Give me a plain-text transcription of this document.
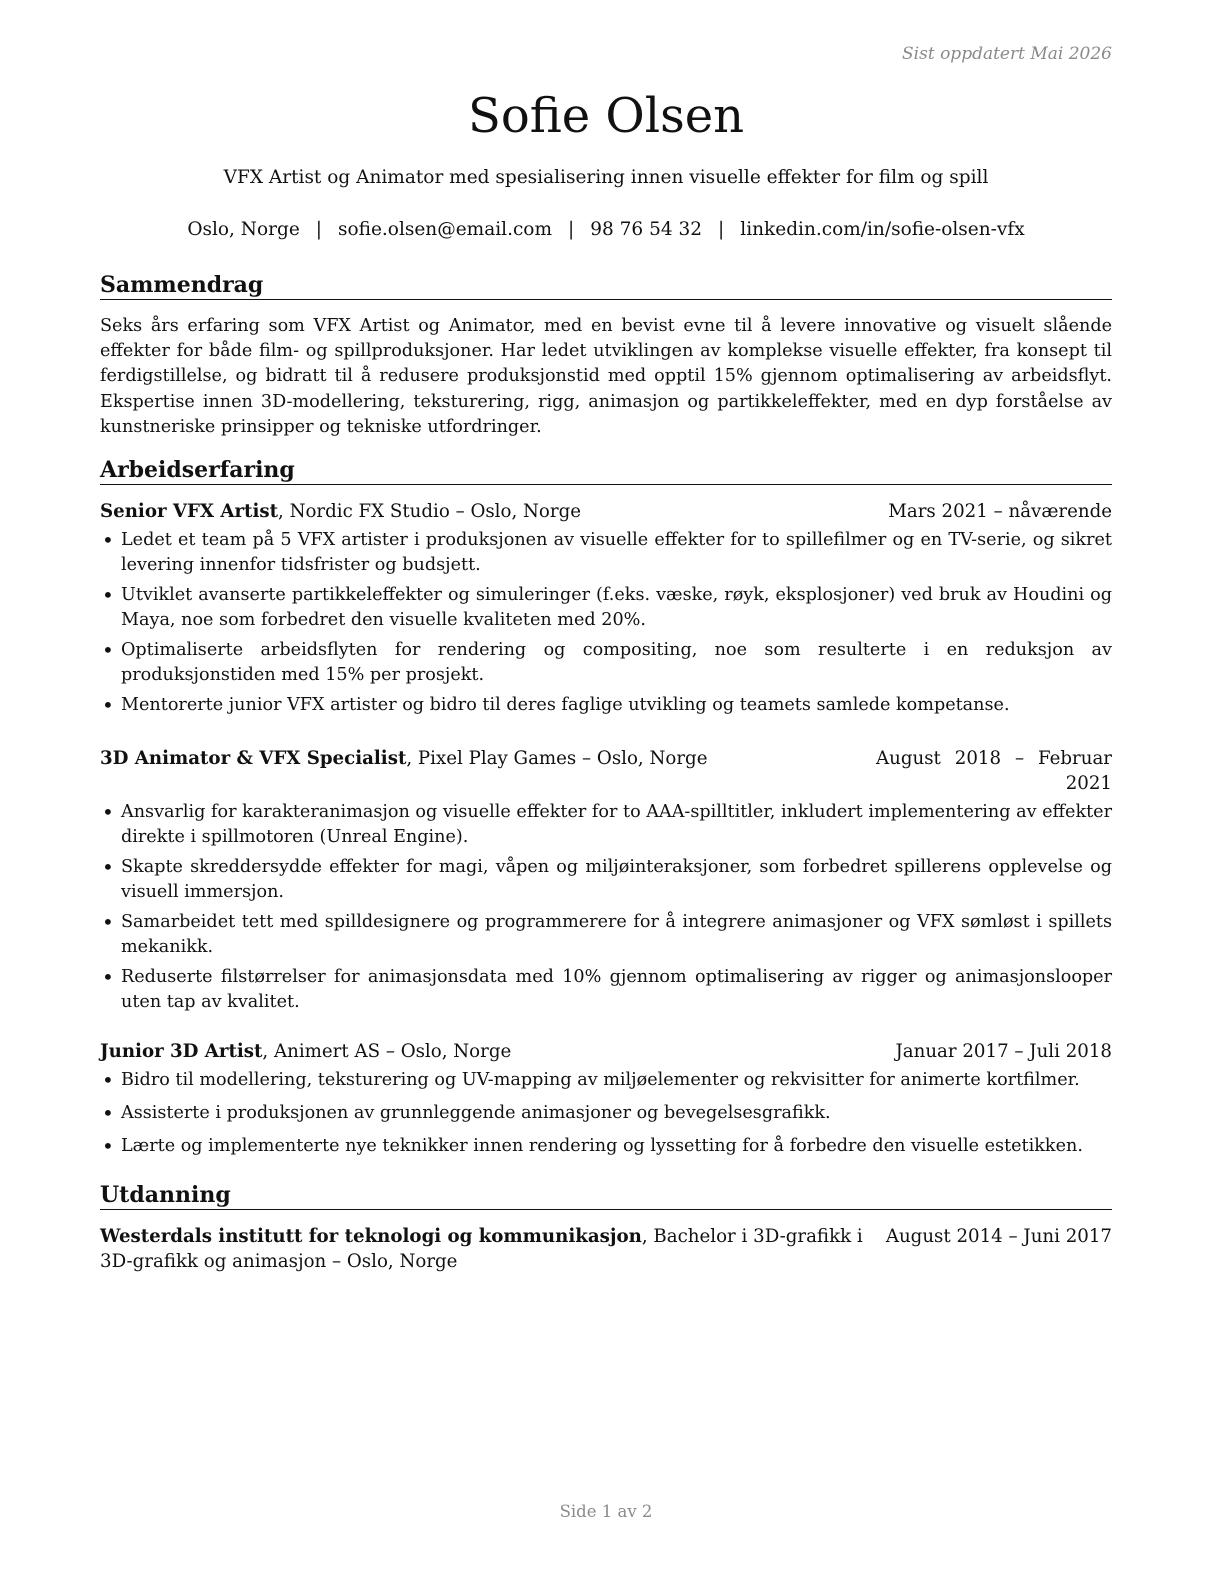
Sist oppdatert Mai 2026
Sofie Olsen
VFX Artist og Animator med spesialisering innen visuelle effekter for film og spill
Oslo, Norge | sofie.olsen@email.com | 98 76 54 32 | linkedin.com/in/sofie-olsen-vfx
Sammendrag
Seks års erfaring som VFX Artist og Animator, med en bevist evne til å levere innovative og visuelt slående effekter for både film- og spillproduksjoner. Har ledet utviklingen av komplekse visuelle effekter, fra konsept til ferdigstillelse, og bidratt til å redusere produksjonstid med opptil 15% gjennom optimalisering av arbeidsflyt. Ekspertise innen 3D-modellering, teksturering, rigg, animasjon og partikkeleffekter, med en dyp forståelse av kunstneriske prinsipper og tekniske utfordringer.
Arbeidserfaring
Senior VFX Artist, Nordic FX Studio – Oslo, Norge	Mars 2021 – nåværende
• Ledet et team på 5 VFX artister i produksjonen av visuelle effekter for to spillefilmer og en TV-serie, og sikret levering innenfor tidsfrister og budsjett.
• Utviklet avanserte partikkeleffekter og simuleringer (f.eks. væske, røyk, eksplosjoner) ved bruk av Houdini og Maya, noe som forbedret den visuelle kvaliteten med 20%.
• Optimaliserte arbeidsflyten for rendering og compositing, noe som resulterte i en reduksjon av produksjonstiden med 15% per prosjekt.
• Mentorerte junior VFX artister og bidro til deres faglige utvikling og teamets samlede kompetanse.
3D Animator & VFX Specialist, Pixel Play Games – Oslo, Norge	August 2018 – Februar 2021
• Ansvarlig for karakteranimasjon og visuelle effekter for to AAA-spilltitler, inkludert implementering av effekter direkte i spillmotoren (Unreal Engine).
• Skapte skreddersydde effekter for magi, våpen og miljøinteraksjoner, som forbedret spillerens opplevelse og visuell immersjon.
• Samarbeidet tett med spilldesignere og programmerere for å integrere animasjoner og VFX sømløst i spillets mekanikk.
• Reduserte filstørrelser for animasjonsdata med 10% gjennom optimalisering av rigger og animasjonslooper uten tap av kvalitet.
Junior 3D Artist, Animert AS – Oslo, Norge	Januar 2017 – Juli 2018
• Bidro til modellering, teksturering og UV-mapping av miljøelementer og rekvisitter for animerte kortfilmer.
• Assisterte i produksjonen av grunnleggende animasjoner og bevegelsesgrafikk.
• Lærte og implementerte nye teknikker innen rendering og lyssetting for å forbedre den visuelle estetikken.
Utdanning
Westerdals institutt for teknologi og kommunikasjon, Bachelor i 3D-grafikk i 3D-grafikk og animasjon – Oslo, Norge
August 2014 – Juni 2017
Side 1 av 2
